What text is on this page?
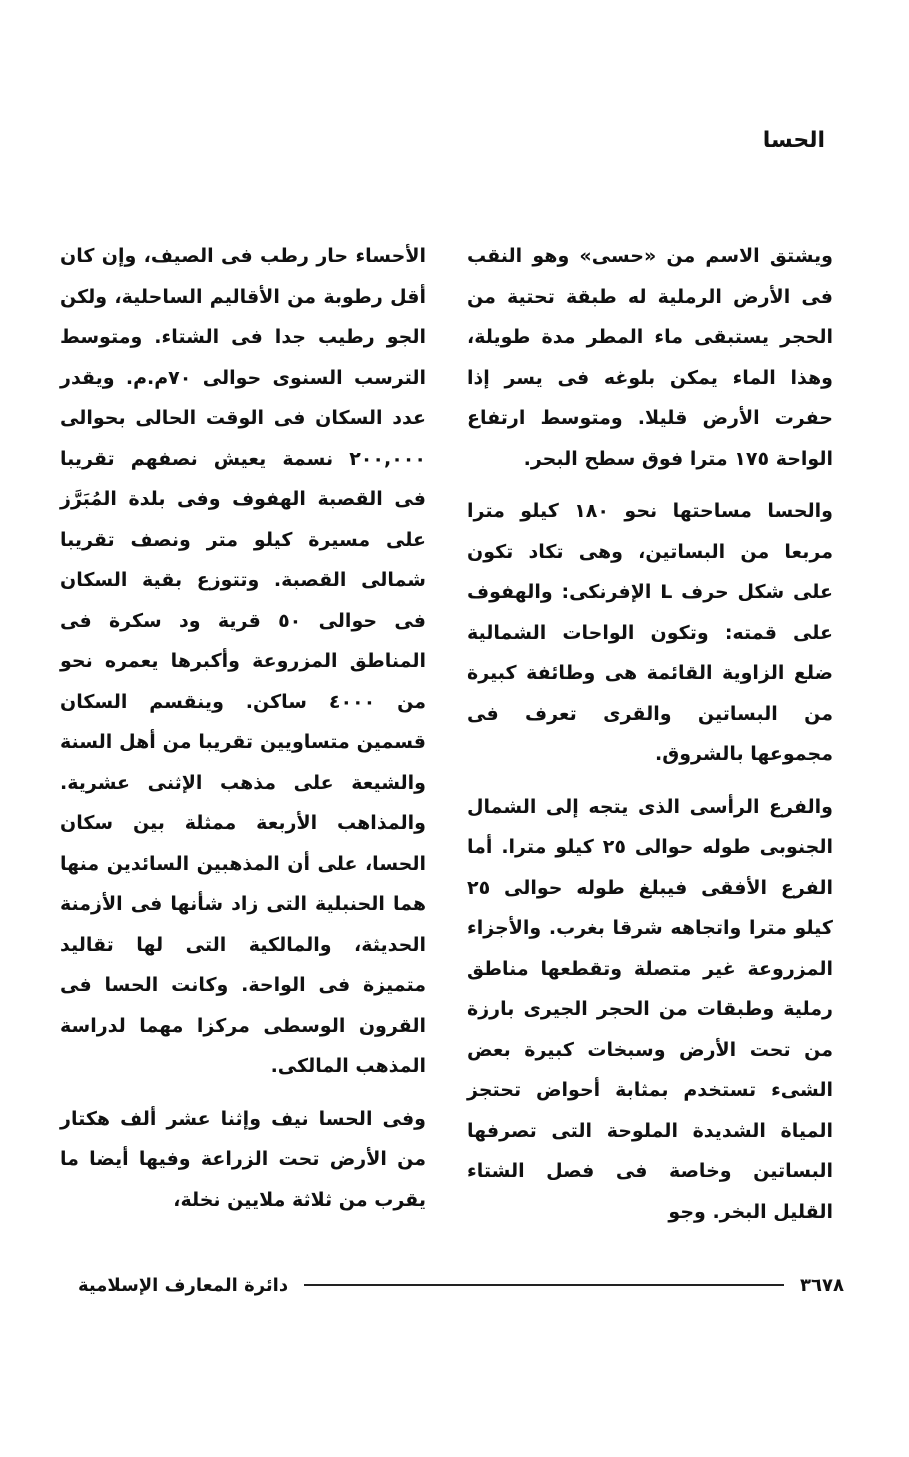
الحسا

ويشتق الاسم من «حسى» وهو النقب فى الأرض الرملية له طبقة تحتية من الحجر يستبقى ماء المطر مدة طويلة، وهذا الماء يمكن بلوغه فى يسر إذا حفرت الأرض قليلا. ومتوسط ارتفاع الواحة ١٧٥ مترا فوق سطح البحر.

والحسا مساحتها نحو ١٨٠ كيلو مترا مربعا من البساتين، وهى تكاد تكون على شكل حرف L الإفرنكى: والهفوف على قمته: وتكون الواحات الشمالية ضلع الزاوية القائمة هى وطائفة كبيرة من البساتين والقرى تعرف فى مجموعها بالشروق.

والفرع الرأسى الذى يتجه إلى الشمال الجنوبى طوله حوالى ٢٥ كيلو مترا. أما الفرع الأفقى فيبلغ طوله حوالى ٢٥ كيلو مترا واتجاهه شرقا بغرب. والأجزاء المزروعة غير متصلة وتقطعها مناطق رملية وطبقات من الحجر الجيرى بارزة من تحت الأرض وسبخات كبيرة بعض الشىء تستخدم بمثابة أحواض تحتجز المياة الشديدة الملوحة التى تصرفها البساتين وخاصة فى فصل الشتاء القليل البخر. وجو

الأحساء حار رطب فى الصيف، وإن كان أقل رطوبة من الأقاليم الساحلية، ولكن الجو رطيب جدا فى الشتاء. ومتوسط الترسب السنوى حوالى ٧٠م.م. ويقدر عدد السكان فى الوقت الحالى بحوالى ٢٠٠,٠٠٠ نسمة يعيش نصفهم تقريبا فى القصبة الهفوف وفى بلدة المُبَرَّز على مسيرة كيلو متر ونصف تقريبا شمالى القصبة. وتتوزع بقية السكان فى حوالى ٥٠ قرية ود سكرة فى المناطق المزروعة وأكبرها يعمره نحو من ٤٠٠٠ ساكن. وينقسم السكان قسمين متساويين تقريبا من أهل السنة والشيعة على مذهب الإثنى عشرية. والمذاهب الأربعة ممثلة بين سكان الحسا، على أن المذهبين السائدين منها هما الحنبلية التى زاد شأنها فى الأزمنة الحديثة، والمالكية التى لها تقاليد متميزة فى الواحة. وكانت الحسا فى القرون الوسطى مركزا مهما لدراسة المذهب المالكى.

وفى الحسا نيف وإثنا عشر ألف هكتار من الأرض تحت الزراعة وفيها أيضا ما يقرب من ثلاثة ملايين نخلة،

٣٦٧٨
دائرة المعارف الإسلامية
